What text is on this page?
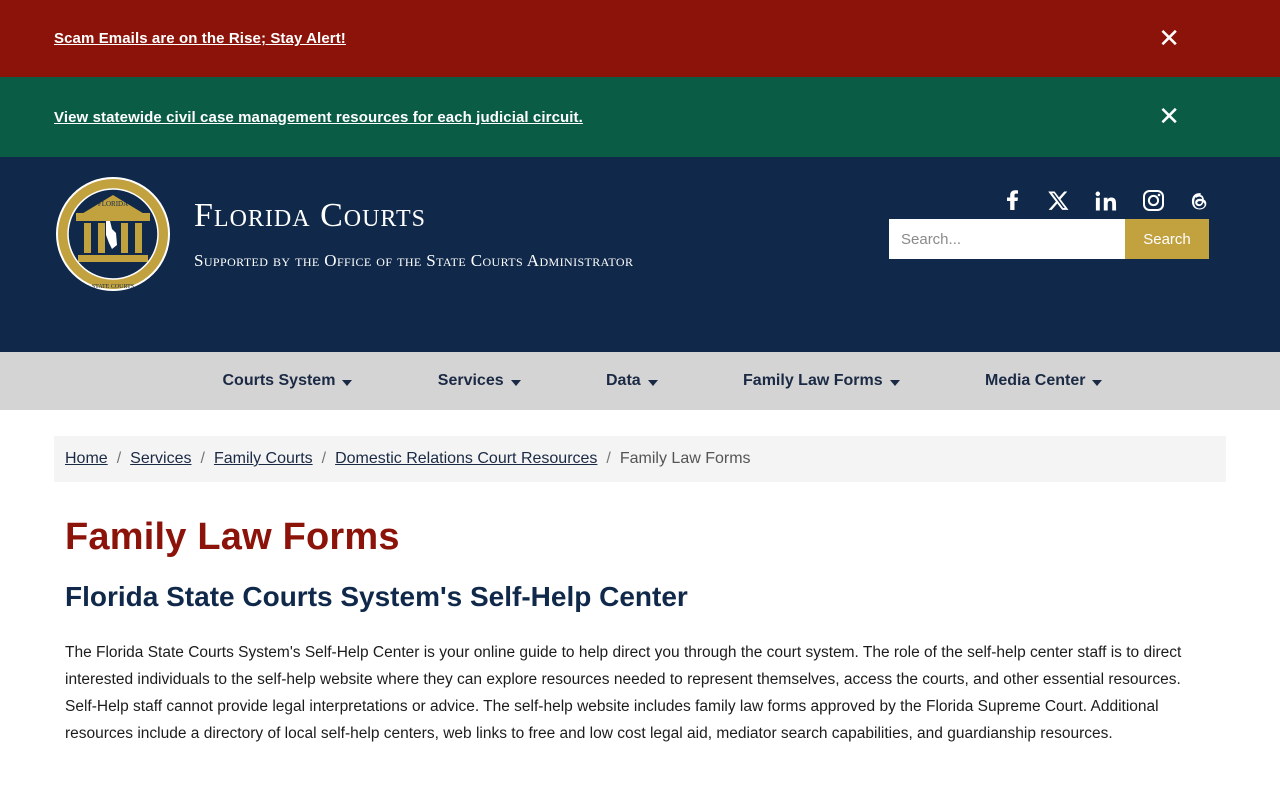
Scam Emails are on the Rise; Stay Alert!	✕
View statewide civil case management resources for each judicial circuit.	✕
FLORIDA
STATE COURTS
Florida Courts
Supported by the Office of the State Courts Administrator
Search...
Search
Courts System	Services	Data	Family Law Forms	Media Center
Home / Services / Family Courts / Domestic Relations Court Resources / Family Law Forms
Family Law Forms
Florida State Courts System's Self-Help Center

The Florida State Courts System's Self-Help Center is your online guide to help direct you through the court system. The role of the self-help center staff is to direct interested individuals to the self-help website where they can explore resources needed to represent themselves, access the courts, and other essential resources. Self-Help staff cannot provide legal interpretations or advice. The self-help website includes family law forms approved by the Florida Supreme Court. Additional resources include a directory of local self-help centers, web links to free and low cost legal aid, mediator search capabilities, and guardianship resources.
